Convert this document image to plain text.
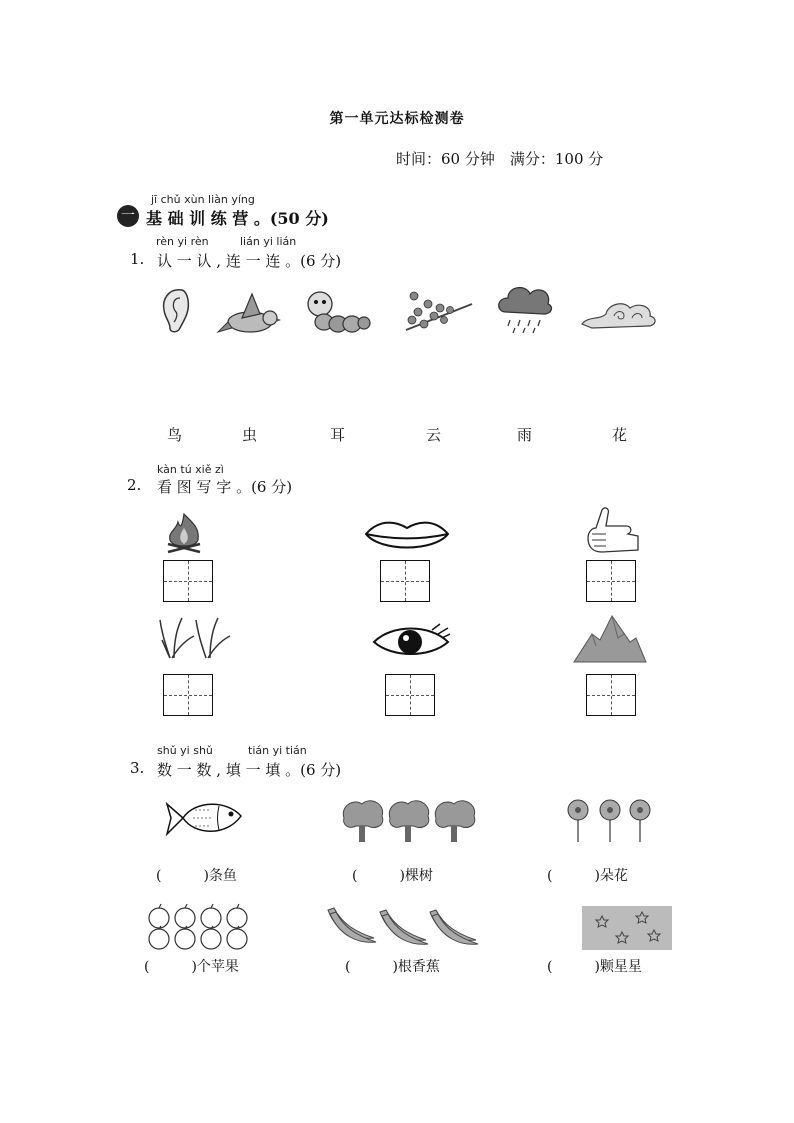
第一单元达标检测卷
时间：60 分钟　满分：100 分
jī chǔ xùn liàn yíng
一 基 础 训 练 营 。(50 分)
rèn yi rèn	lián yi lián
1. 认 一 认 , 连 一 连 。(6 分)
鸟	虫	耳	云	雨	花
kàn tú xiě zì
2. 看 图 写 字 。(6 分)
shǔ yi shǔ	tián yi tián
3. 数 一 数 , 填 一 填 。(6 分)
(　　　)条鱼	(　　　)棵树	(　　　)朵花
(　　　)个苹果	(　　　)根香蕉	(　　　)颗星星
